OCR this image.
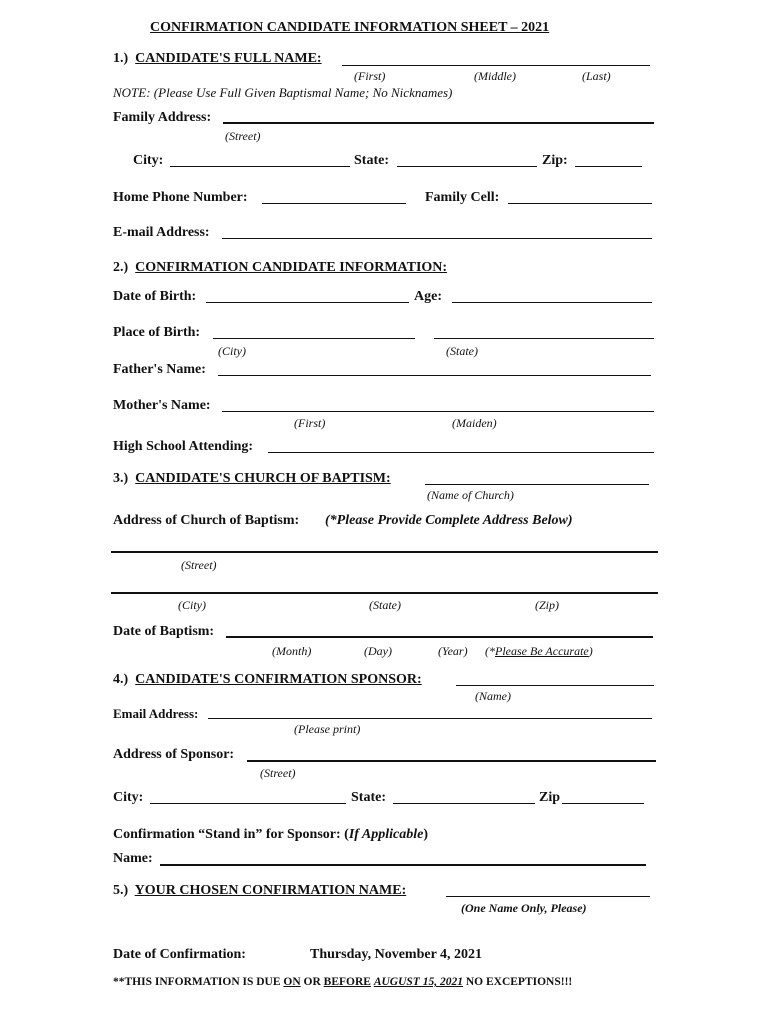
CONFIRMATION CANDIDATE INFORMATION SHEET – 2021
1.) CANDIDATE'S FULL NAME:
(First)	(Middle)	(Last)
NOTE: (Please Use Full Given Baptismal Name; No Nicknames)
Family Address:
(Street)
City:	State:	Zip:
Home Phone Number:	Family Cell:
E-mail Address:
2.) CONFIRMATION CANDIDATE INFORMATION:
Date of Birth:	Age:
Place of Birth:
(City)	(State)
Father's Name:
Mother's Name:
(First)	(Maiden)
High School Attending:
3.) CANDIDATE'S CHURCH OF BAPTISM:
(Name of Church)
Address of Church of Baptism: (*Please Provide Complete Address Below)
(Street)
(City)	(State)	(Zip)
Date of Baptism:
(Month)	(Day)	(Year) (*Please Be Accurate)
4.) CANDIDATE'S CONFIRMATION SPONSOR:
(Name)
Email Address:
(Please print)
Address of Sponsor:
(Street)
City:	State:	Zip
Confirmation “Stand in” for Sponsor: (If Applicable)
Name:
5.) YOUR CHOSEN CONFIRMATION NAME:
(One Name Only, Please)
Date of Confirmation:	Thursday, November 4, 2021
**THIS INFORMATION IS DUE ON OR BEFORE AUGUST 15, 2021 NO EXCEPTIONS!!!
